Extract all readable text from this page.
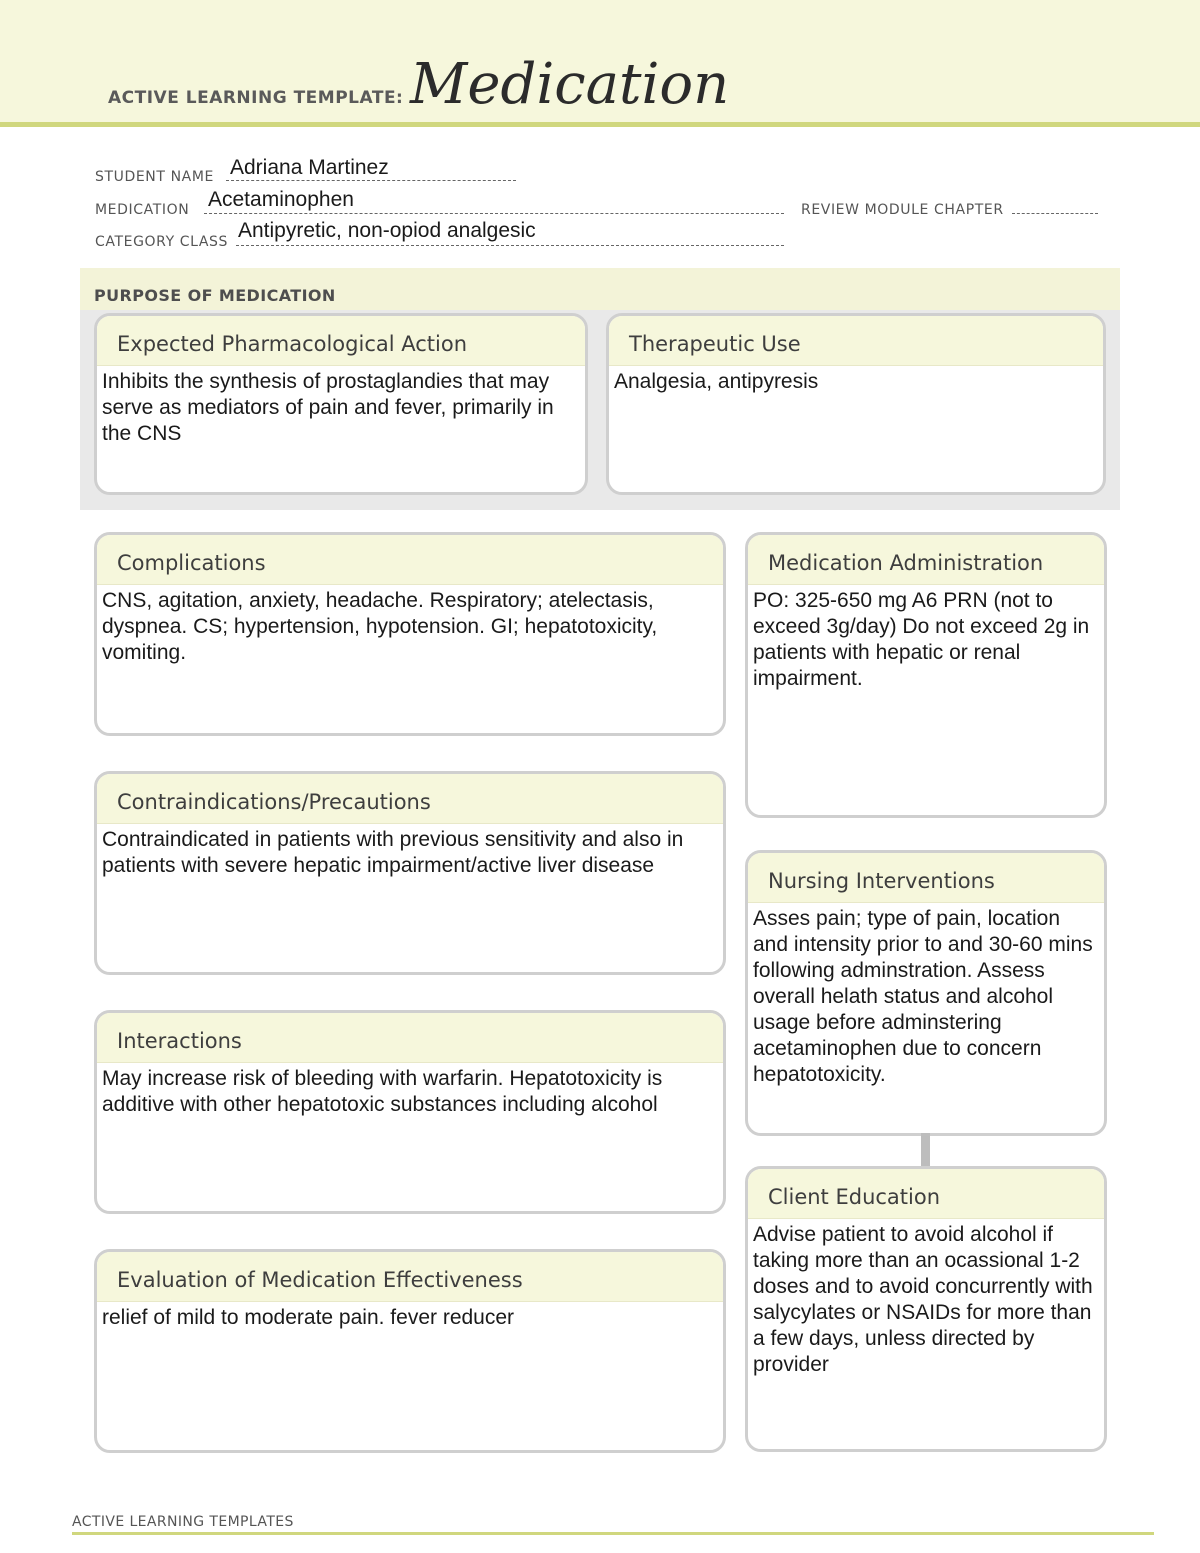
ACTIVE LEARNING TEMPLATE: Medication
STUDENT NAME Adriana Martinez
MEDICATION Acetaminophen	REVIEW MODULE CHAPTER
CATEGORY CLASS Antipyretic, non-opiod analgesic
PURPOSE OF MEDICATION
Expected Pharmacological Action
Inhibits the synthesis of prostaglandies that may serve as mediators of pain and fever, primarily in the CNS
Therapeutic Use
Analgesia, antipyresis
Complications
CNS, agitation, anxiety, headache. Respiratory; atelectasis, dyspnea. CS; hypertension, hypotension. GI; hepatotoxicity, vomiting.
Contraindications/Precautions
Contraindicated in patients with previous sensitivity and also in patients with severe hepatic impairment/active liver disease
Interactions
May increase risk of bleeding with warfarin. Hepatotoxicity is additive with other hepatotoxic substances including alcohol
Evaluation of Medication Effectiveness
relief of mild to moderate pain. fever reducer
Medication Administration
PO: 325-650 mg A6 PRN (not to exceed 3g/day) Do not exceed 2g in patients with hepatic or renal impairment.
Nursing Interventions
Asses pain; type of pain, location and intensity prior to and 30-60 mins following adminstration. Assess overall helath status and alcohol usage before adminstering acetaminophen due to concern hepatotoxicity.
Client Education
Advise patient to avoid alcohol if taking more than an ocassional 1-2 doses and to avoid concurrently with salycylates or NSAIDs for more than a few days, unless directed by provider
ACTIVE LEARNING TEMPLATES
